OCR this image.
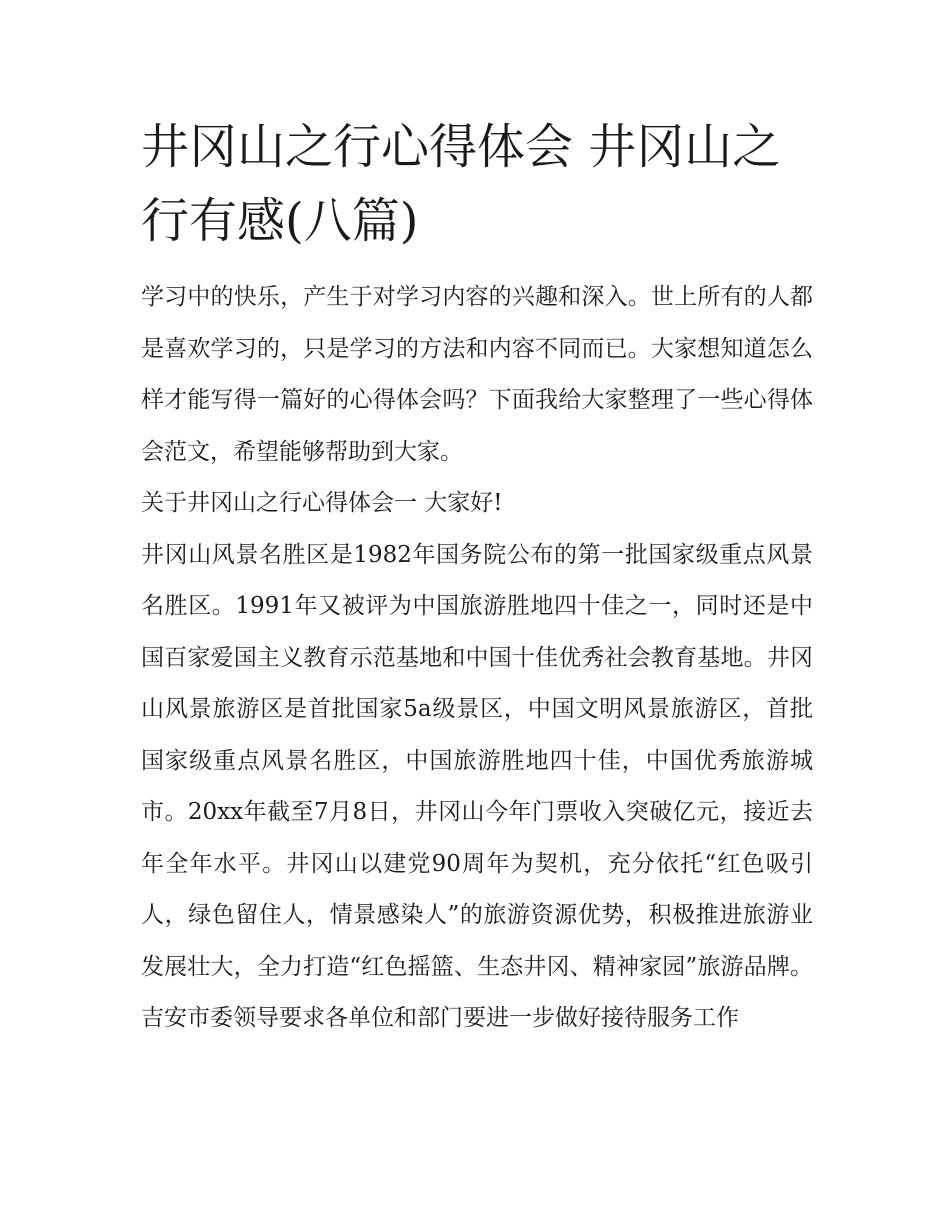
井冈山之行心得体会 井冈山之行有感(八篇)

学习中的快乐，产生于对学习内容的兴趣和深入。世上所有的人都是喜欢学习的，只是学习的方法和内容不同而已。大家想知道怎么样才能写得一篇好的心得体会吗？下面我给大家整理了一些心得体会范文，希望能够帮助到大家。

关于井冈山之行心得体会一 大家好!

井冈山风景名胜区是1982年国务院公布的第一批国家级重点风景名胜区。1991年又被评为中国旅游胜地四十佳之一，同时还是中国百家爱国主义教育示范基地和中国十佳优秀社会教育基地。井冈山风景旅游区是首批国家5a级景区，中国文明风景旅游区，首批国家级重点风景名胜区，中国旅游胜地四十佳，中国优秀旅游城市。20xx年截至7月8日，井冈山今年门票收入突破亿元，接近去年全年水平。井冈山以建党90周年为契机，充分依托“红色吸引人，绿色留住人，情景感染人”的旅游资源优势，积极推进旅游业发展壮大，全力打造“红色摇篮、生态井冈、精神家园”旅游品牌。吉安市委领导要求各单位和部门要进一步做好接待服务工作
